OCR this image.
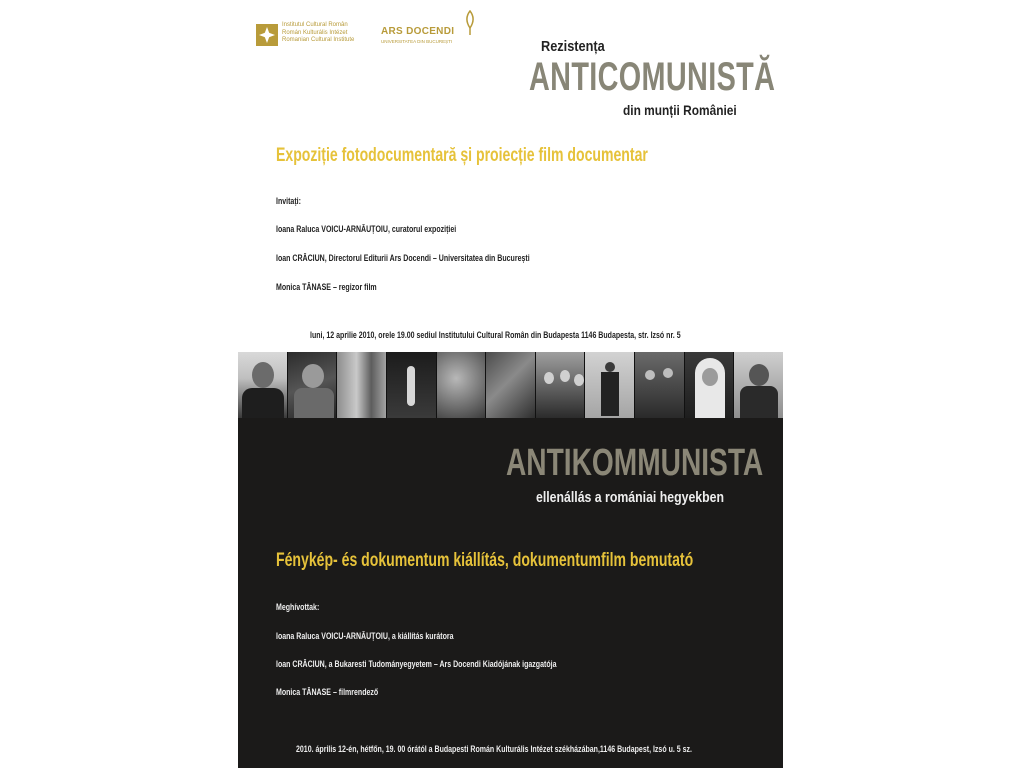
Institutul Cultural Român
Román Kulturális Intézet
Romanian Cultural Institute
ARS DOCENDI
UNIVERSITATEA DIN BUCUREȘTI	Rezistența
ANTICOMUNISTĂ
din munții României
Expoziție fotodocumentară și proiecție film documentar
Invitați:
Ioana Raluca VOICU-ARNĂUȚOIU, curatorul expoziției
Ioan CRĂCIUN, Directorul Editurii Ars Docendi – Universitatea din București
Monica TĂNASE – regizor film
luni, 12 aprilie 2010, orele 19.00 sediul Institutului Cultural Român din Budapesta 1146 Budapesta, str. Izsó nr. 5
ANTIKOMMUNISTA
ellenállás a romániai hegyekben
Fénykép- és dokumentum kiállítás, dokumentumfilm bemutató
Meghívottak:
Ioana Raluca VOICU-ARNĂUȚOIU, a kiállítás kurátora
Ioan CRĂCIUN, a Bukaresti Tudományegyetem – Ars Docendi Kiadójának igazgatója
Monica TĂNASE – filmrendező
2010. április 12-én, hétfőn, 19. 00 órától a Budapesti Román Kulturális Intézet székházában,1146 Budapest, Izsó u. 5 sz.
